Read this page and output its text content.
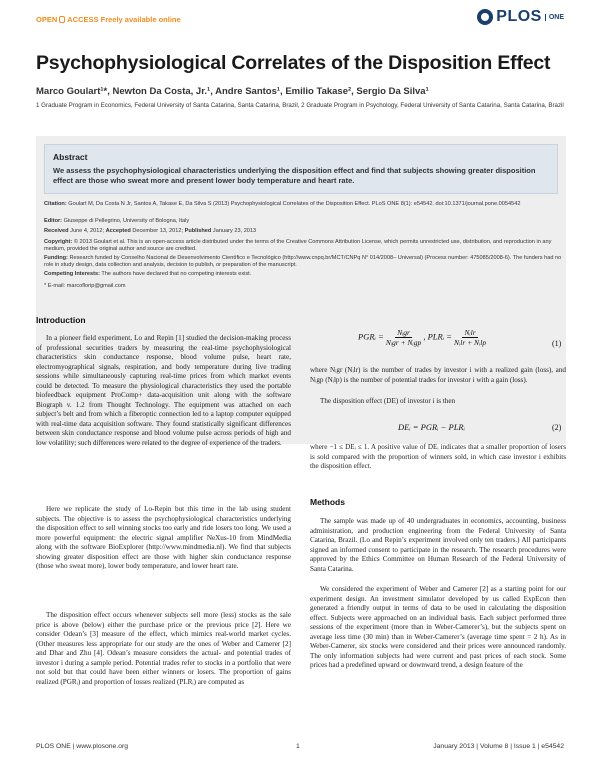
OPEN ACCESS Freely available online	PLOS	ONE
Psychophysiological Correlates of the Disposition Effect
Marco Goulart¹*, Newton Da Costa, Jr.¹, Andre Santos¹, Emilio Takase², Sergio Da Silva¹
1 Graduate Program in Economics, Federal University of Santa Catarina, Santa Catarina, Brazil, 2 Graduate Program in Psychology, Federal University of Santa Catarina, Santa Catarina, Brazil
Abstract
We assess the psychophysiological characteristics underlying the disposition effect and find that subjects showing greater disposition effect are those who sweat more and present lower body temperature and heart rate.
Citation: Goulart M, Da Costa N Jr, Santos A, Takase E, Da Silva S (2013) Psychophysiological Correlates of the Disposition Effect. PLoS ONE 8(1): e54542. doi:10.1371/journal.pone.0054542
Editor: Giuseppe di Pellegrino, University of Bologna, Italy
Received June 4, 2012; Accepted December 13, 2012; Published January 23, 2013
Copyright: © 2013 Goulart et al. This is an open-access article distributed under the terms of the Creative Commons Attribution License, which permits unrestricted use, distribution, and reproduction in any medium, provided the original author and source are credited.
Funding: Research funded by Conselho Nacional de Desenvolvimento Científico e Tecnológico (http://www.cnpq.br/MCT/CNPq N° 014/2008– Universal) (Process number: 475085/2008-6). The funders had no role in study design, data collection and analysis, decision to publish, or preparation of the manuscript.
Competing Interests: The authors have declared that no competing interests exist.
* E-mail: marcoflorip@gmail.com
Introduction
In a pioneer field experiment, Lo and Repin [1] studied the decision-making process of professional securities traders by measuring the real-time psychophysiological characteristics skin conductance response, blood volume pulse, heart rate, electromyographical signals, respiration, and body temperature during live trading sessions while simultaneously capturing real-time prices from which market events could be detected. To measure the physiological characteristics they used the portable biofeedback equipment ProComp+ data-acquisition unit along with the software Biograph v. 1.2 from Thought Technology. The equipment was attached on each subject’s belt and from which a fiberoptic connection led to a laptop computer equipped with real-time data acquisition software. They found statistically significant differences between skin conductance response and blood volume pulse across periods of high and low volatility; such differences were related to the degree of experience of the traders.
Here we replicate the study of Lo-Repin but this time in the lab using student subjects. The objective is to assess the psychophysiological characteristics underlying the disposition effect to sell winning stocks too early and ride losers too long. We used a more powerful equipment: the electric signal amplifier NeXus-10 from MindMedia along with the software BioExplorer (http://www.mindmedia.nl). We find that subjects showing greater disposition effect are those with higher skin conductance response (those who sweat more), lower body temperature, and lower heart rate.
The disposition effect occurs whenever subjects sell more (less) stocks as the sale price is above (below) either the purchase price or the previous price [2]. Here we consider Odean’s [3] measure of the effect, which mimics real-world market cycles. (Other measures less appropriate for our study are the ones of Weber and Camerer [2] and Dhar and Zhu [4]. Odean’s measure considers the actual- and potential trades of investor i during a sample period. Potential trades refer to stocks in a portfolio that were not sold but that could have been either winners or losers. The proportion of gains realized (PGRᵢ) and proportion of losses realized (PLRᵢ) are computed as
PGRᵢ = $\frac{\text{Nᵢgr}}{\text{Nᵢgr + Nᵢgp}}$ , PLRᵢ = $\frac{\text{Nᵢlr}}{\text{Nᵢlr + Nᵢlp}}$	(1)
where Nᵢgr (Nᵢlr) is the number of trades by investor i with a realized gain (loss), and Nᵢgp (Nᵢlp) is the number of potential trades for investor i with a gain (loss).
The disposition effect (DE) of investor i is then
DEᵢ = PGRᵢ − PLRᵢ	(2)
where −1 ≤ DEᵢ ≤ 1. A positive value of DEᵢ indicates that a smaller proportion of losers is sold compared with the proportion of winners sold, in which case investor i exhibits the disposition effect.
Methods
The sample was made up of 40 undergraduates in economics, accounting, business administration, and production engineering from the Federal University of Santa Catarina, Brazil. (Lo and Repin’s experiment involved only ten traders.) All participants signed an informed consent to participate in the research. The research procedures were approved by the Ethics Committee on Human Research of the Federal University of Santa Catarina.
We considered the experiment of Weber and Camerer [2] as a starting point for our experiment design. An investment simulator developed by us called ExpEcon then generated a friendly output in terms of data to be used in calculating the disposition effect. Subjects were approached on an individual basis. Each subject performed three sessions of the experiment (more than in Weber-Camerer’s), but the subjects spent on average less time (30 min) than in Weber-Camerer’s (average time spent = 2 h). As in Weber-Camerer, six stocks were considered and their prices were announced randomly. The only information subjects had were current and past prices of each stock. Some prices had a predefined upward or downward trend, a design feature of the
PLOS ONE | www.plosone.org	1	January 2013 | Volume 8 | Issue 1 | e54542
